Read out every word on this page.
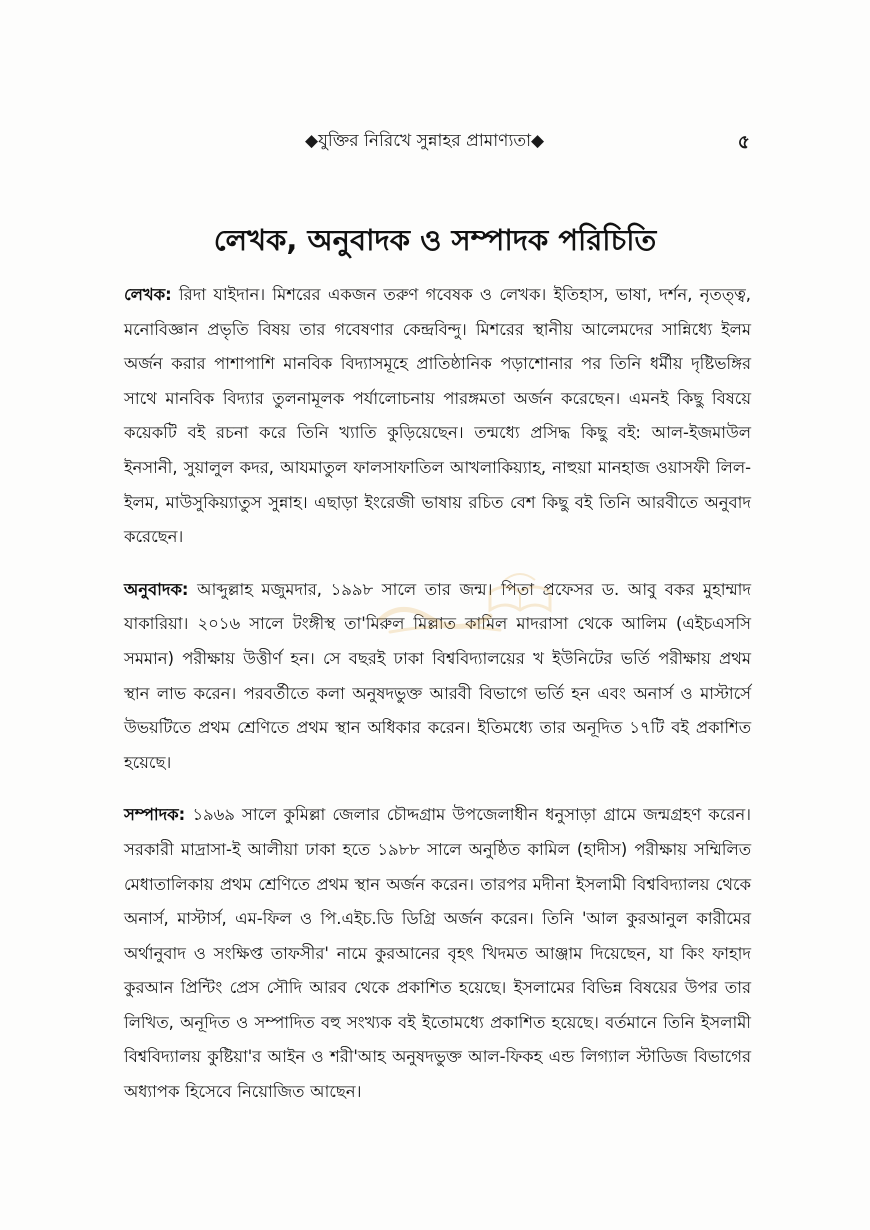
◆যুক্তির নিরিখে সুন্নাহর প্রামাণ্যতা◆	৫
লেখক, অনুবাদক ও সম্পাদক পরিচিতি

লেখক: রিদা যাইদান। মিশরের একজন তরুণ গবেষক ও লেখক। ইতিহাস, ভাষা, দর্শন, নৃতত্ত্ব, মনোবিজ্ঞান প্রভৃতি বিষয় তার গবেষণার কেন্দ্রবিন্দু। মিশরের স্থানীয় আলেমদের সান্নিধ্যে ইলম অর্জন করার পাশাপাশি মানবিক বিদ্যাসমূহে প্রাতিষ্ঠানিক পড়াশোনার পর তিনি ধর্মীয় দৃষ্টিভঙ্গির সাথে মানবিক বিদ্যার তুলনামূলক পর্যালোচনায় পারঙ্গমতা অর্জন করেছেন। এমনই কিছু বিষয়ে কয়েকটি বই রচনা করে তিনি খ্যাতি কুড়িয়েছেন। তন্মধ্যে প্রসিদ্ধ কিছু বই: আল-ইজমাউল ইনসানী, সুয়ালুল কদর, আযমাতুল ফালসাফাতিল আখলাকিয়্যাহ, নাহুয়া মানহাজ ওয়াসফী লিল-ইলম, মাউসুকিয়্যাতুস সুন্নাহ। এছাড়া ইংরেজী ভাষায় রচিত বেশ কিছু বই তিনি আরবীতে অনুবাদ করেছেন।

অনুবাদক: আব্দুল্লাহ মজুমদার, ১৯৯৮ সালে তার জন্ম। পিতা প্রফেসর ড. আবু বকর মুহাম্মাদ যাকারিয়া। ২০১৬ সালে টংঙ্গীস্থ তা'মিরুল মিল্লাত কামিল মাদরাসা থেকে আলিম (এইচএসসি সমমান) পরীক্ষায় উত্তীর্ণ হন। সে বছরই ঢাকা বিশ্ববিদ্যালয়ের খ ইউনিটের ভর্তি পরীক্ষায় প্রথম স্থান লাভ করেন। পরবর্তীতে কলা অনুষদভুক্ত আরবী বিভাগে ভর্তি হন এবং অনার্স ও মাস্টার্সে উভয়টিতে প্রথম শ্রেণিতে প্রথম স্থান অধিকার করেন। ইতিমধ্যে তার অনূদিত ১৭টি বই প্রকাশিত হয়েছে।

সম্পাদক: ১৯৬৯ সালে কুমিল্লা জেলার চৌদ্দগ্রাম উপজেলাধীন ধনুসাড়া গ্রামে জন্মগ্রহণ করেন। সরকারী মাদ্রাসা-ই আলীয়া ঢাকা হতে ১৯৮৮ সালে অনুষ্ঠিত কামিল (হাদীস) পরীক্ষায় সম্মিলিত মেধাতালিকায় প্রথম শ্রেণিতে প্রথম স্থান অর্জন করেন। তারপর মদীনা ইসলামী বিশ্ববিদ্যালয় থেকে অনার্স, মাস্টার্স, এম-ফিল ও পি.এইচ.ডি ডিগ্রি অর্জন করেন। তিনি 'আল কুরআনুল কারীমের অর্থানুবাদ ও সংক্ষিপ্ত তাফসীর' নামে কুরআনের বৃহৎ খিদমত আঞ্জাম দিয়েছেন, যা কিং ফাহাদ কুরআন প্রিন্টিং প্রেস সৌদি আরব থেকে প্রকাশিত হয়েছে। ইসলামের বিভিন্ন বিষয়ের উপর তার লিখিত, অনূদিত ও সম্পাদিত বহু সংখ্যক বই ইতোমধ্যে প্রকাশিত হয়েছে। বর্তমানে তিনি ইসলামী বিশ্ববিদ্যালয় কুষ্টিয়া'র আইন ও শরী'আহ অনুষদভুক্ত আল-ফিকহ এন্ড লিগ্যাল স্টাডিজ বিভাগের অধ্যাপক হিসেবে নিয়োজিত আছেন।
